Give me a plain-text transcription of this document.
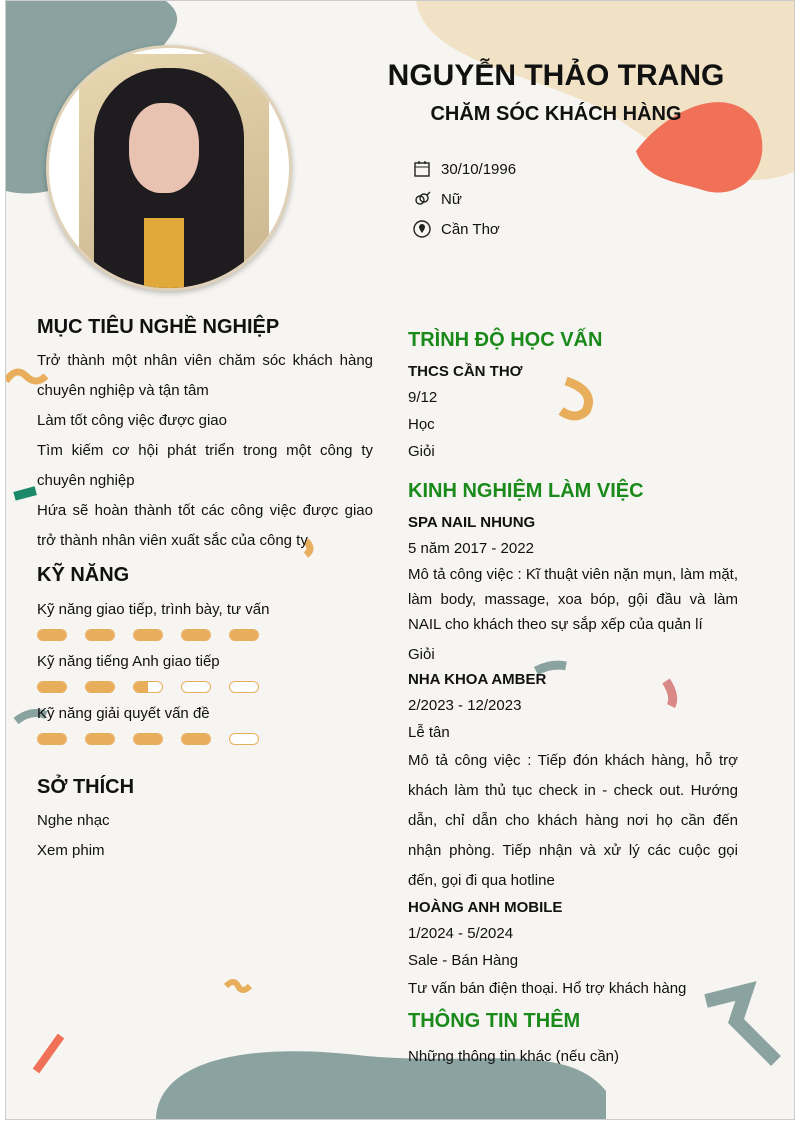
NGUYỄN THẢO TRANG
CHĂM SÓC KHÁCH HÀNG
30/10/1996
Nữ
Cần Thơ
MỤC TIÊU NGHỀ NGHIỆP
Trở thành một nhân viên chăm sóc khách hàng chuyên nghiệp và tận tâm
Làm tốt công việc được giao
Tìm kiếm cơ hội phát triển trong một công ty chuyên nghiệp
Hứa sẽ hoàn thành tốt các công việc được giao trở thành nhân viên xuất sắc của công ty
KỸ NĂNG
Kỹ năng giao tiếp, trình bày, tư vấn
Kỹ năng tiếng Anh giao tiếp
Kỹ năng giải quyết vấn đề
SỞ THÍCH
Nghe nhạc
Xem phim
TRÌNH ĐỘ HỌC VẤN
THCS CẦN THƠ
9/12
Học
Giỏi
KINH NGHIỆM LÀM VIỆC
SPA NAIL NHUNG
5 năm 2017 - 2022
Mô tả công việc : Kĩ thuật viên nặn mụn, làm mặt, làm body, massage, xoa bóp, gội đầu và làm NAIL cho khách theo sự sắp xếp của quản lí
Giỏi
NHA KHOA AMBER
2/2023 - 12/2023
Lễ tân
Mô tả công việc : Tiếp đón khách hàng, hỗ trợ khách làm thủ tục check in - check out. Hướng dẫn, chỉ dẫn cho khách hàng nơi họ cần đến nhận phòng. Tiếp nhận và xử lý các cuộc gọi đến, gọi đi qua hotline
HOÀNG ANH MOBILE
1/2024 - 5/2024
Sale - Bán Hàng
Tư vấn bán điện thoại. Hổ trợ khách hàng
THÔNG TIN THÊM
Những thông tin khác (nếu cần)
